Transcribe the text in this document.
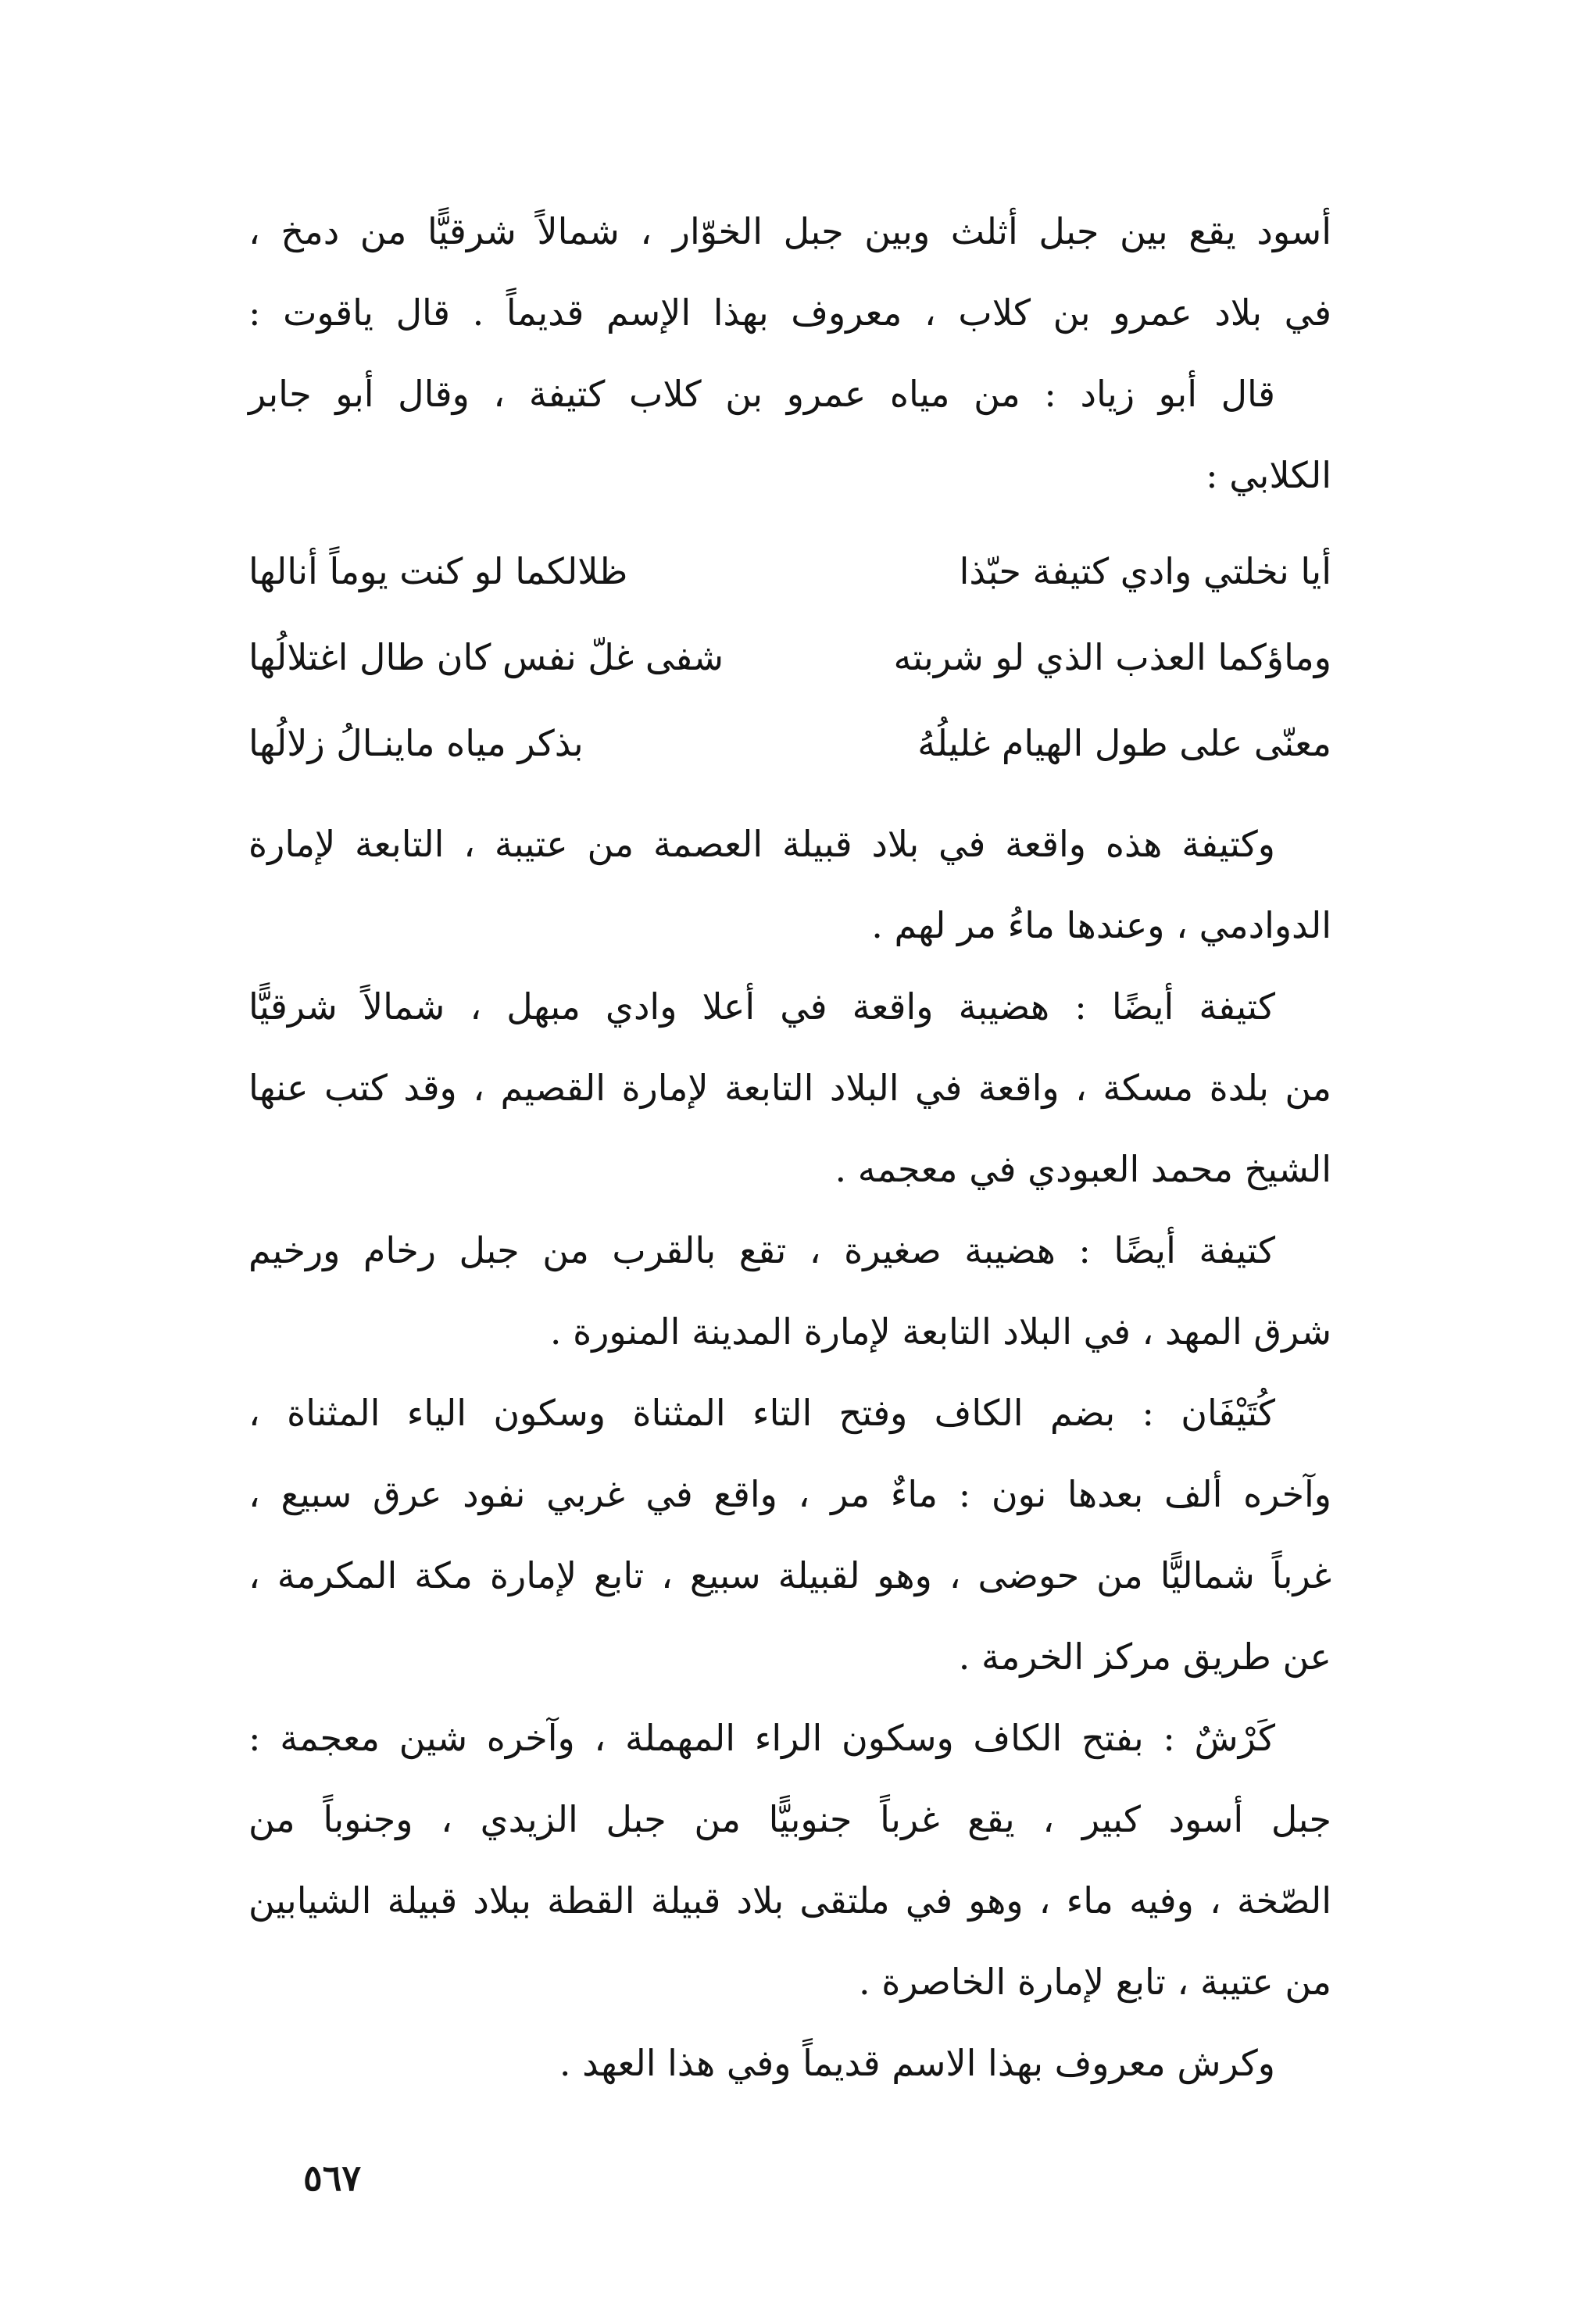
أسود يقع بين جبل أثلث وبين جبل الخوّار ، شمالاً شرقيًّا من دمخ ،
في بلاد عمرو بن كلاب ، معروف بهذا الإسم قديماً . قال ياقوت :
قال أبو زياد : من مياه عمرو بن كلاب كتيفة ، وقال أبو جابر
الكلابي :
أيا نخلتي وادي كتيفة حبّذا
ظلالكما لو كنت يوماً أنالها
وماؤكما العذب الذي لو شربته
شفى غلّ نفس كان طال اغتلالُها
معنّى على طول الهيام غليلُهُ
بذكر مياه ماينـالُ زلالُها
وكتيفة هذه واقعة في بلاد قبيلة العصمة من عتيبة ، التابعة لإمارة
الدوادمي ، وعندها ماءُ مر لهم .
كتيفة أيضًا : هضيبة واقعة في أعلا وادي مبهل ، شمالاً شرقيًّا
من بلدة مسكة ، واقعة في البلاد التابعة لإمارة القصيم ، وقد كتب عنها
الشيخ محمد العبودي في معجمه .
كتيفة أيضًا : هضيبة صغيرة ، تقع بالقرب من جبل رخام ورخيم
شرق المهد ، في البلاد التابعة لإمارة المدينة المنورة .
كُتَيْفَان : بضم الكاف وفتح التاء المثناة وسكون الياء المثناة ،
وآخره ألف بعدها نون : ماءٌ مر ، واقع في غربي نفود عرق سبيع ،
غرباً شماليًّا من حوضى ، وهو لقبيلة سبيع ، تابع لإمارة مكة المكرمة ،
عن طريق مركز الخرمة .
كَرْشٌ : بفتح الكاف وسكون الراء المهملة ، وآخره شين معجمة :
جبل أسود كبير ، يقع غرباً جنوبيًّا من جبل الزيدي ، وجنوباً من
الصّخة ، وفيه ماء ، وهو في ملتقى بلاد قبيلة القطة ببلاد قبيلة الشيابين
من عتيبة ، تابع لإمارة الخاصرة .
وكرش معروف بهذا الاسم قديماً وفي هذا العهد .
٥٦٧
